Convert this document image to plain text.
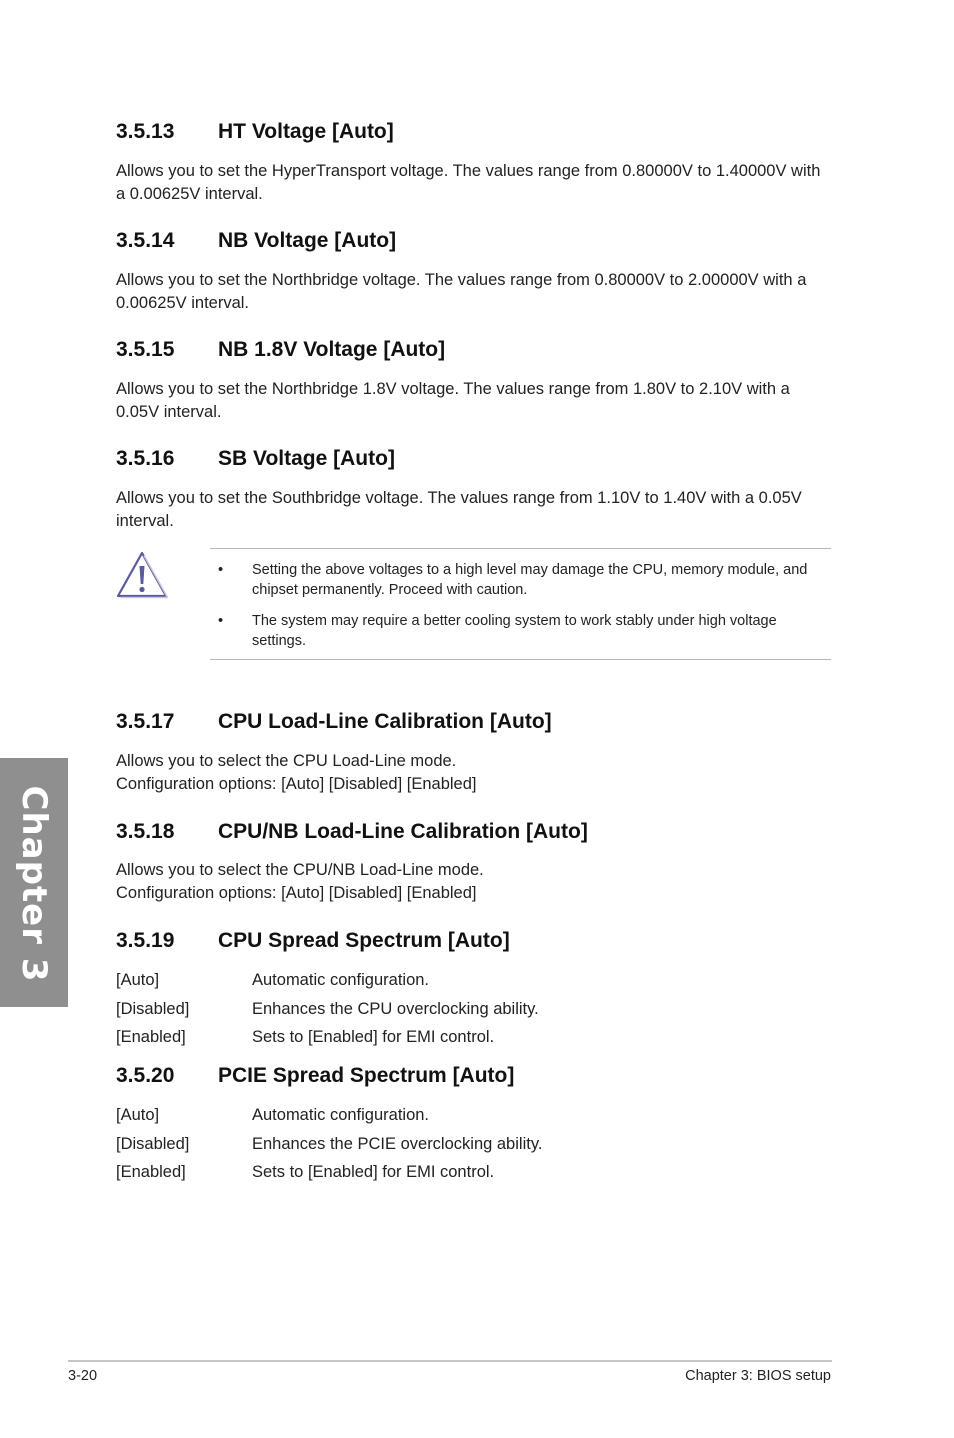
Chapter 3
3.5.13 HT Voltage [Auto]

Allows you to set the HyperTransport voltage. The values range from 0.80000V to 1.40000V with a 0.00625V interval.

3.5.14 NB Voltage [Auto]

Allows you to set the Northbridge voltage. The values range from 0.80000V to 2.00000V with a 0.00625V interval.

3.5.15 NB 1.8V Voltage [Auto]

Allows you to set the Northbridge 1.8V voltage. The values range from 1.80V to 2.10V with a 0.05V interval.

3.5.16 SB Voltage [Auto]

Allows you to set the Southbridge voltage. The values range from 1.10V to 1.40V with a 0.05V interval.

• Setting the above voltages to a high level may damage the CPU, memory module, and chipset permanently. Proceed with caution.
• The system may require a better cooling system to work stably under high voltage settings.
3.5.17 CPU Load-Line Calibration [Auto]

Allows you to select the CPU Load-Line mode.

Configuration options: [Auto] [Disabled] [Enabled]

3.5.18 CPU/NB Load-Line Calibration [Auto]

Allows you to select the CPU/NB Load-Line mode.

Configuration options: [Auto] [Disabled] [Enabled]

3.5.19 CPU Spread Spectrum [Auto]
[Auto]	Automatic configuration.
[Disabled]	Enhances the CPU overclocking ability.
[Enabled]	Sets to [Enabled] for EMI control.
3.5.20 PCIE Spread Spectrum [Auto]
[Auto]	Automatic configuration.
[Disabled]	Enhances the PCIE overclocking ability.
[Enabled]	Sets to [Enabled] for EMI control.
3-20	Chapter 3: BIOS setup
